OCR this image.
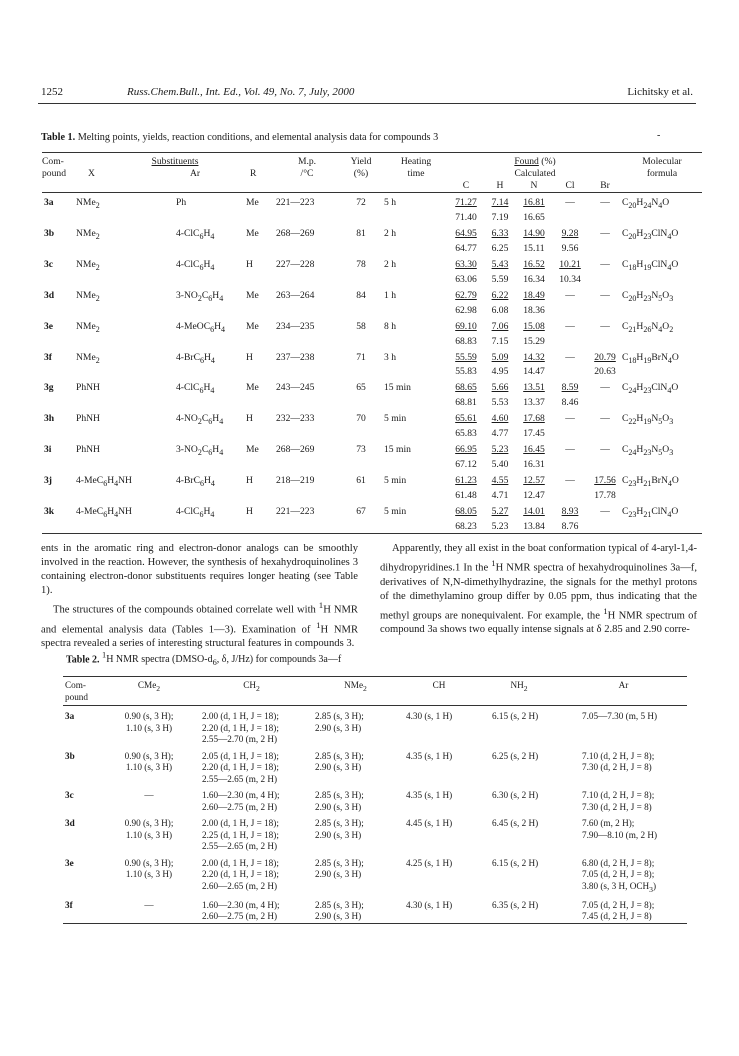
1252	Russ.Chem.Bull., Int. Ed., Vol. 49, No. 7, July, 2000	Lichitsky et al.
Table 1. Melting points, yields, reaction conditions, and elemental analysis data for compounds 3	-
Com-
pound	Substituents			M.p.
/°C	Yield
(%)	Heating
time	Found (%)					Molecular
formula
	X	Ar	R				Calculated					
							C	H	N	Cl	Br	
3a	NMe$_2$	Ph	Me	221—223	72	5 h	71.27	7.14	16.81	—	—	$C_{20}H_{24}N_4O$
							71.40	7.19	16.65			
3b	NMe$_2$	$4-ClC_6H_4$	Me	268—269	81	2 h	64.95	6.33	14.90	9.28	—	$C_{20}H_{23}ClN_4O$
							64.77	6.25	15.11	9.56		
3c	NMe$_2$	$4-ClC_6H_4$	H	227—228	78	2 h	63.30	5.43	16.52	10.21	—	$C_{18}H_{19}ClN_4O$
							63.06	5.59	16.34	10.34		
3d	NMe$_2$	$3-NO_2C_6H_4$	Me	263—264	84	1 h	62.79	6.22	18.49	—	—	$C_{20}H_{23}N_5O_3$
							62.98	6.08	18.36			
3e	NMe$_2$	$4-MeOC_6H_4$	Me	234—235	58	8 h	69.10	7.06	15.08	—	—	$C_{21}H_{26}N_4O_2$
							68.83	7.15	15.29			
3f	NMe$_2$	$4-BrC_6H_4$	H	237—238	71	3 h	55.59	5.09	14.32	—	20.79	$C_{18}H_{19}BrN_4O$
							55.83	4.95	14.47		20.63	
3g	PhNH	$4-ClC_6H_4$	Me	243—245	65	15 min	68.65	5.66	13.51	8.59	—	$C_{24}H_{23}ClN_4O$
							68.81	5.53	13.37	8.46		
3h	PhNH	$4-NO_2C_6H_4$	H	232—233	70	5 min	65.61	4.60	17.68	—	—	$C_{22}H_{19}N_5O_3$
							65.83	4.77	17.45			
3i	PhNH	$3-NO_2C_6H_4$	Me	268—269	73	15 min	66.95	5.23	16.45	—	—	$C_{24}H_{23}N_5O_3$
							67.12	5.40	16.31			
3j	$4-MeC_6H_4NH$	$4-BrC_6H_4$	H	218—219	61	5 min	61.23	4.55	12.57	—	17.56	$C_{23}H_{21}BrN_4O$
							61.48	4.71	12.47		17.78	
3k	$4-MeC_6H_4NH$	$4-ClC_6H_4$	H	221—223	67	5 min	68.05	5.27	14.01	8.93	—	$C_{23}H_{21}ClN_4O$
							68.23	5.23	13.84	8.76		

ents in the aromatic ring and electron-donor analogs can be smoothly involved in the reaction. However, the synthesis of hexahydroquinolines 3 containing electron-donor substituents requires longer heating (see Table 1).

The structures of the compounds obtained correlate well with $^1$H NMR and elemental analysis data (Tables 1—3). Examination of $^1$H NMR spectra revealed a series of interesting structural features in compounds 3.

Apparently, they all exist in the boat conformation typical of 4-aryl-1,4-dihydropyridines.1 In the $^1$H NMR spectra of hexahydroquinolines 3a—f, derivatives of N,N-dimethylhydrazine, the signals for the methyl protons of the dimethylamino group differ by 0.05 ppm, thus indicating that the methyl groups are nonequivalent. For example, the $^1$H NMR spectrum of compound 3a shows two equally intense signals at δ 2.85 and 2.90 corre-

Table 2. $^1$H NMR spectra ($DMSO-d_6$, δ, J/Hz) for compounds 3a—f
Com-
pound	CMe$_2$	$CH_2$	NMe$_2$	CH	$NH_2$	Ar
3a	0.90 (s, 3 H);
1.10 (s, 3 H)	2.00 (d, 1 H, J = 18);
2.20 (d, 1 H, J = 18);
2.55—2.70 (m, 2 H)	2.85 (s, 3 H);
2.90 (s, 3 H)	4.30 (s, 1 H)	6.15 (s, 2 H)	7.05—7.30 (m, 5 H)
3b	0.90 (s, 3 H);
1.10 (s, 3 H)	2.05 (d, 1 H, J = 18);
2.20 (d, 1 H, J = 18);
2.55—2.65 (m, 2 H)	2.85 (s, 3 H);
2.90 (s, 3 H)	4.35 (s, 1 H)	6.25 (s, 2 H)	7.10 (d, 2 H, J = 8);
7.30 (d, 2 H, J = 8)
3c	—	1.60—2.30 (m, 4 H);
2.60—2.75 (m, 2 H)	2.85 (s, 3 H);
2.90 (s, 3 H)	4.35 (s, 1 H)	6.30 (s, 2 H)	7.10 (d, 2 H, J = 8);
7.30 (d, 2 H, J = 8)
3d	0.90 (s, 3 H);
1.10 (s, 3 H)	2.00 (d, 1 H, J = 18);
2.25 (d, 1 H, J = 18);
2.55—2.65 (m, 2 H)	2.85 (s, 3 H);
2.90 (s, 3 H)	4.45 (s, 1 H)	6.45 (s, 2 H)	7.60 (m, 2 H);
7.90—8.10 (m, 2 H)
3e	0.90 (s, 3 H);
1.10 (s, 3 H)	2.00 (d, 1 H, J = 18);
2.20 (d, 1 H, J = 18);
2.60—2.65 (m, 2 H)	2.85 (s, 3 H);
2.90 (s, 3 H)	4.25 (s, 1 H)	6.15 (s, 2 H)	6.80 (d, 2 H, J = 8);
7.05 (d, 2 H, J = 8);
3.80 (s, 3 H, $OCH_3$)
3f	—	1.60—2.30 (m, 4 H);
2.60—2.75 (m, 2 H)	2.85 (s, 3 H);
2.90 (s, 3 H)	4.30 (s, 1 H)	6.35 (s, 2 H)	7.05 (d, 2 H, J = 8);
7.45 (d, 2 H, J = 8)
